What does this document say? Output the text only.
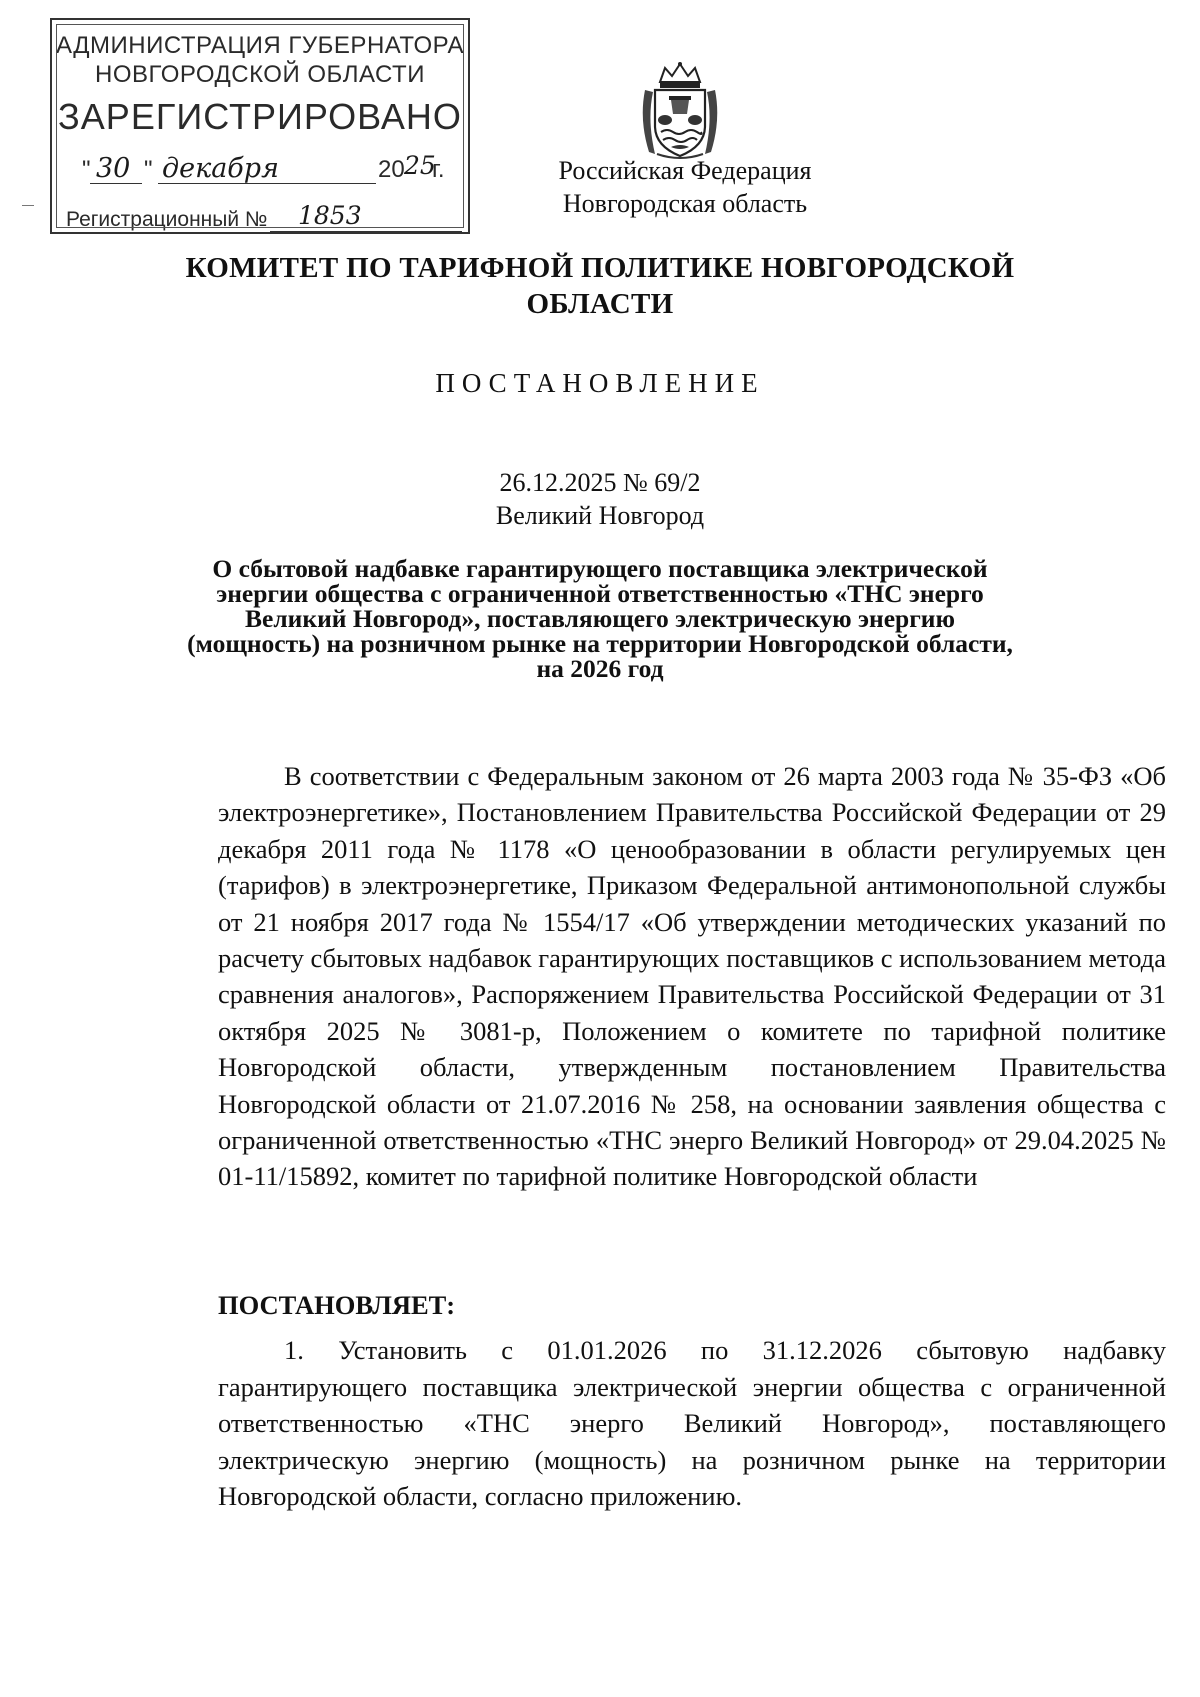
АДМИНИСТРАЦИЯ ГУБЕРНАТОРА
НОВГОРОДСКОЙ ОБЛАСТИ
ЗАРЕГИСТРИРОВАНО
" 30 " декабря	20 25
г.
Регистрационный № 1853
Российская Федерация
Новгородская область
КОМИТЕТ ПО ТАРИФНОЙ ПОЛИТИКЕ НОВГОРОДСКОЙ
ОБЛАСТИ
ПОСТАНОВЛЕНИЕ
26.12.2025 № 69/2
Великий Новгород
О сбытовой надбавке гарантирующего поставщика электрической
энергии общества с ограниченной ответственностью «ТНС энерго
Великий Новгород», поставляющего электрическую энергию
(мощность) на розничном рынке на территории Новгородской области,
на 2026 год
В соответствии с Федеральным законом от 26 марта 2003 года № 35-ФЗ «Об электроэнергетике», Постановлением Правительства Российской Федерации от 29 декабря 2011 года № 1178 «О ценообразовании в области регулируемых цен (тарифов) в электроэнергетике, Приказом Федеральной антимонопольной службы от 21 ноября 2017 года № 1554/17 «Об утверждении методических указаний по расчету сбытовых надбавок гарантирующих поставщиков с использованием метода сравнения аналогов», Распоряжением Правительства Российской Федерации от 31 октября 2025 № 3081-р, Положением о комитете по тарифной политике Новгородской области, утвержденным постановлением Правительства Новгородской области от 21.07.2016 № 258, на основании заявления общества с ограниченной ответственностью «ТНС энерго Великий Новгород» от 29.04.2025 № 01-11/15892, комитет по тарифной политике Новгородской области
ПОСТАНОВЛЯЕТ:
1. Установить с 01.01.2026 по 31.12.2026 сбытовую надбавку гарантирующего поставщика электрической энергии общества с ограниченной ответственностью «ТНС энерго Великий Новгород», поставляющего электрическую энергию (мощность) на розничном рынке на территории Новгородской области, согласно приложению.
